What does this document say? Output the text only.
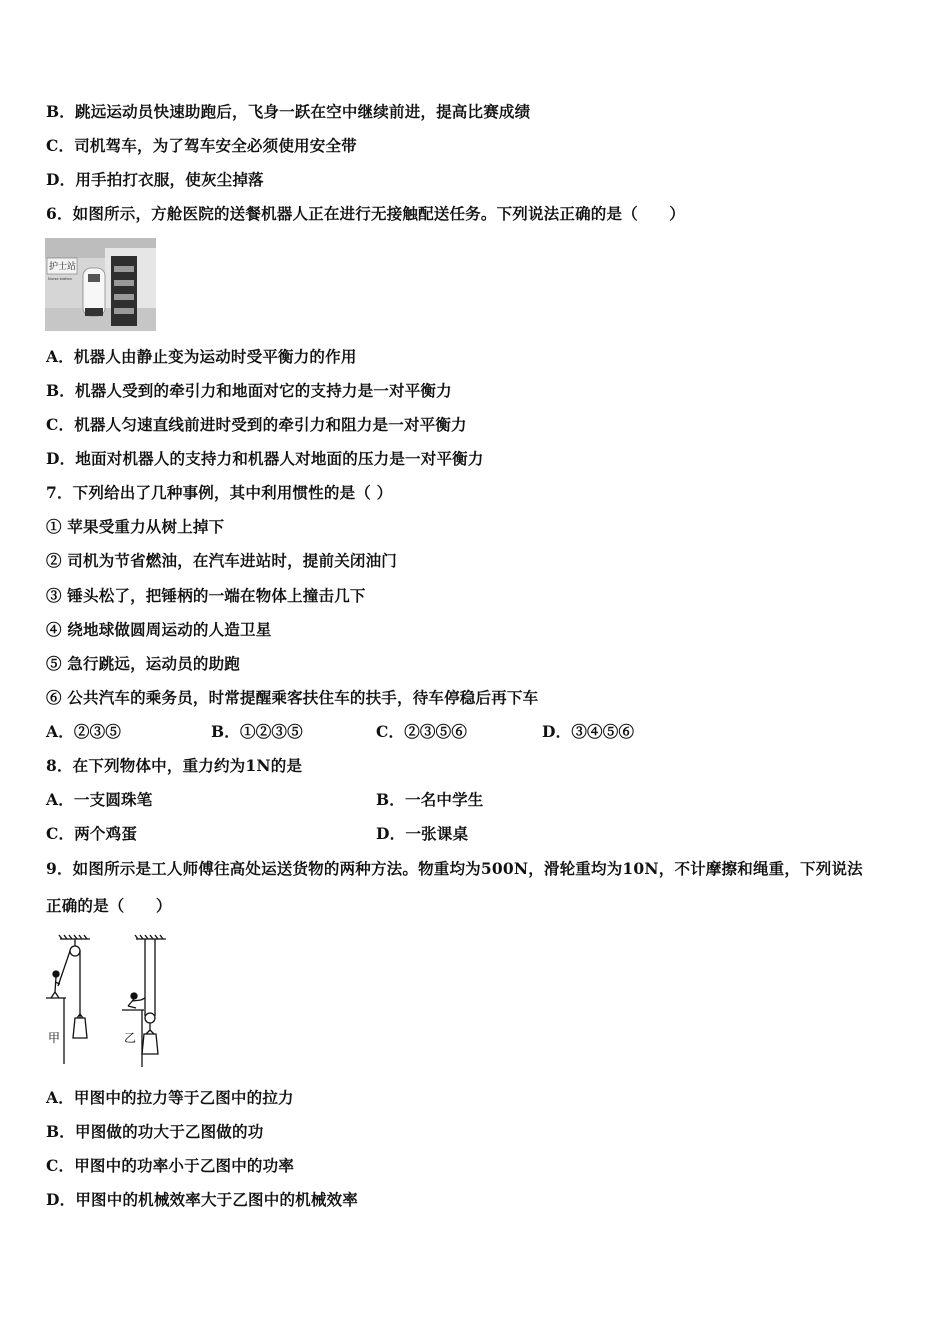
B．跳远运动员快速助跑后，飞身一跃在空中继续前进，提高比赛成绩
C．司机驾车，为了驾车安全必须使用安全带
D．用手拍打衣服，使灰尘掉落
6．如图所示，方舱医院的送餐机器人正在进行无接触配送任务。下列说法正确的是（　　）
护士站
Nurse station
A．机器人由静止变为运动时受平衡力的作用
B．机器人受到的牵引力和地面对它的支持力是一对平衡力
C．机器人匀速直线前进时受到的牵引力和阻力是一对平衡力
D．地面对机器人的支持力和机器人对地面的压力是一对平衡力
7．下列给出了几种事例，其中利用惯性的是（ ）
① 苹果受重力从树上掉下
② 司机为节省燃油，在汽车进站时，提前关闭油门
③ 锤头松了，把锤柄的一端在物体上撞击几下
④ 绕地球做圆周运动的人造卫星
⑤ 急行跳远，运动员的助跑
⑥ 公共汽车的乘务员，时常提醒乘客扶住车的扶手，待车停稳后再下车
A．②③⑤	B．①②③⑤	C．②③⑤⑥	D．③④⑤⑥
8．在下列物体中，重力约为1N的是
A．一支圆珠笔	B．一名中学生
C．两个鸡蛋	D．一张课桌
9．如图所示是工人师傅往高处运送货物的两种方法。物重均为500N，滑轮重均为10N，不计摩擦和绳重，下列说法
正确的是（　　）
甲	乙
A．甲图中的拉力等于乙图中的拉力
B．甲图做的功大于乙图做的功
C．甲图中的功率小于乙图中的功率
D．甲图中的机械效率大于乙图中的机械效率
